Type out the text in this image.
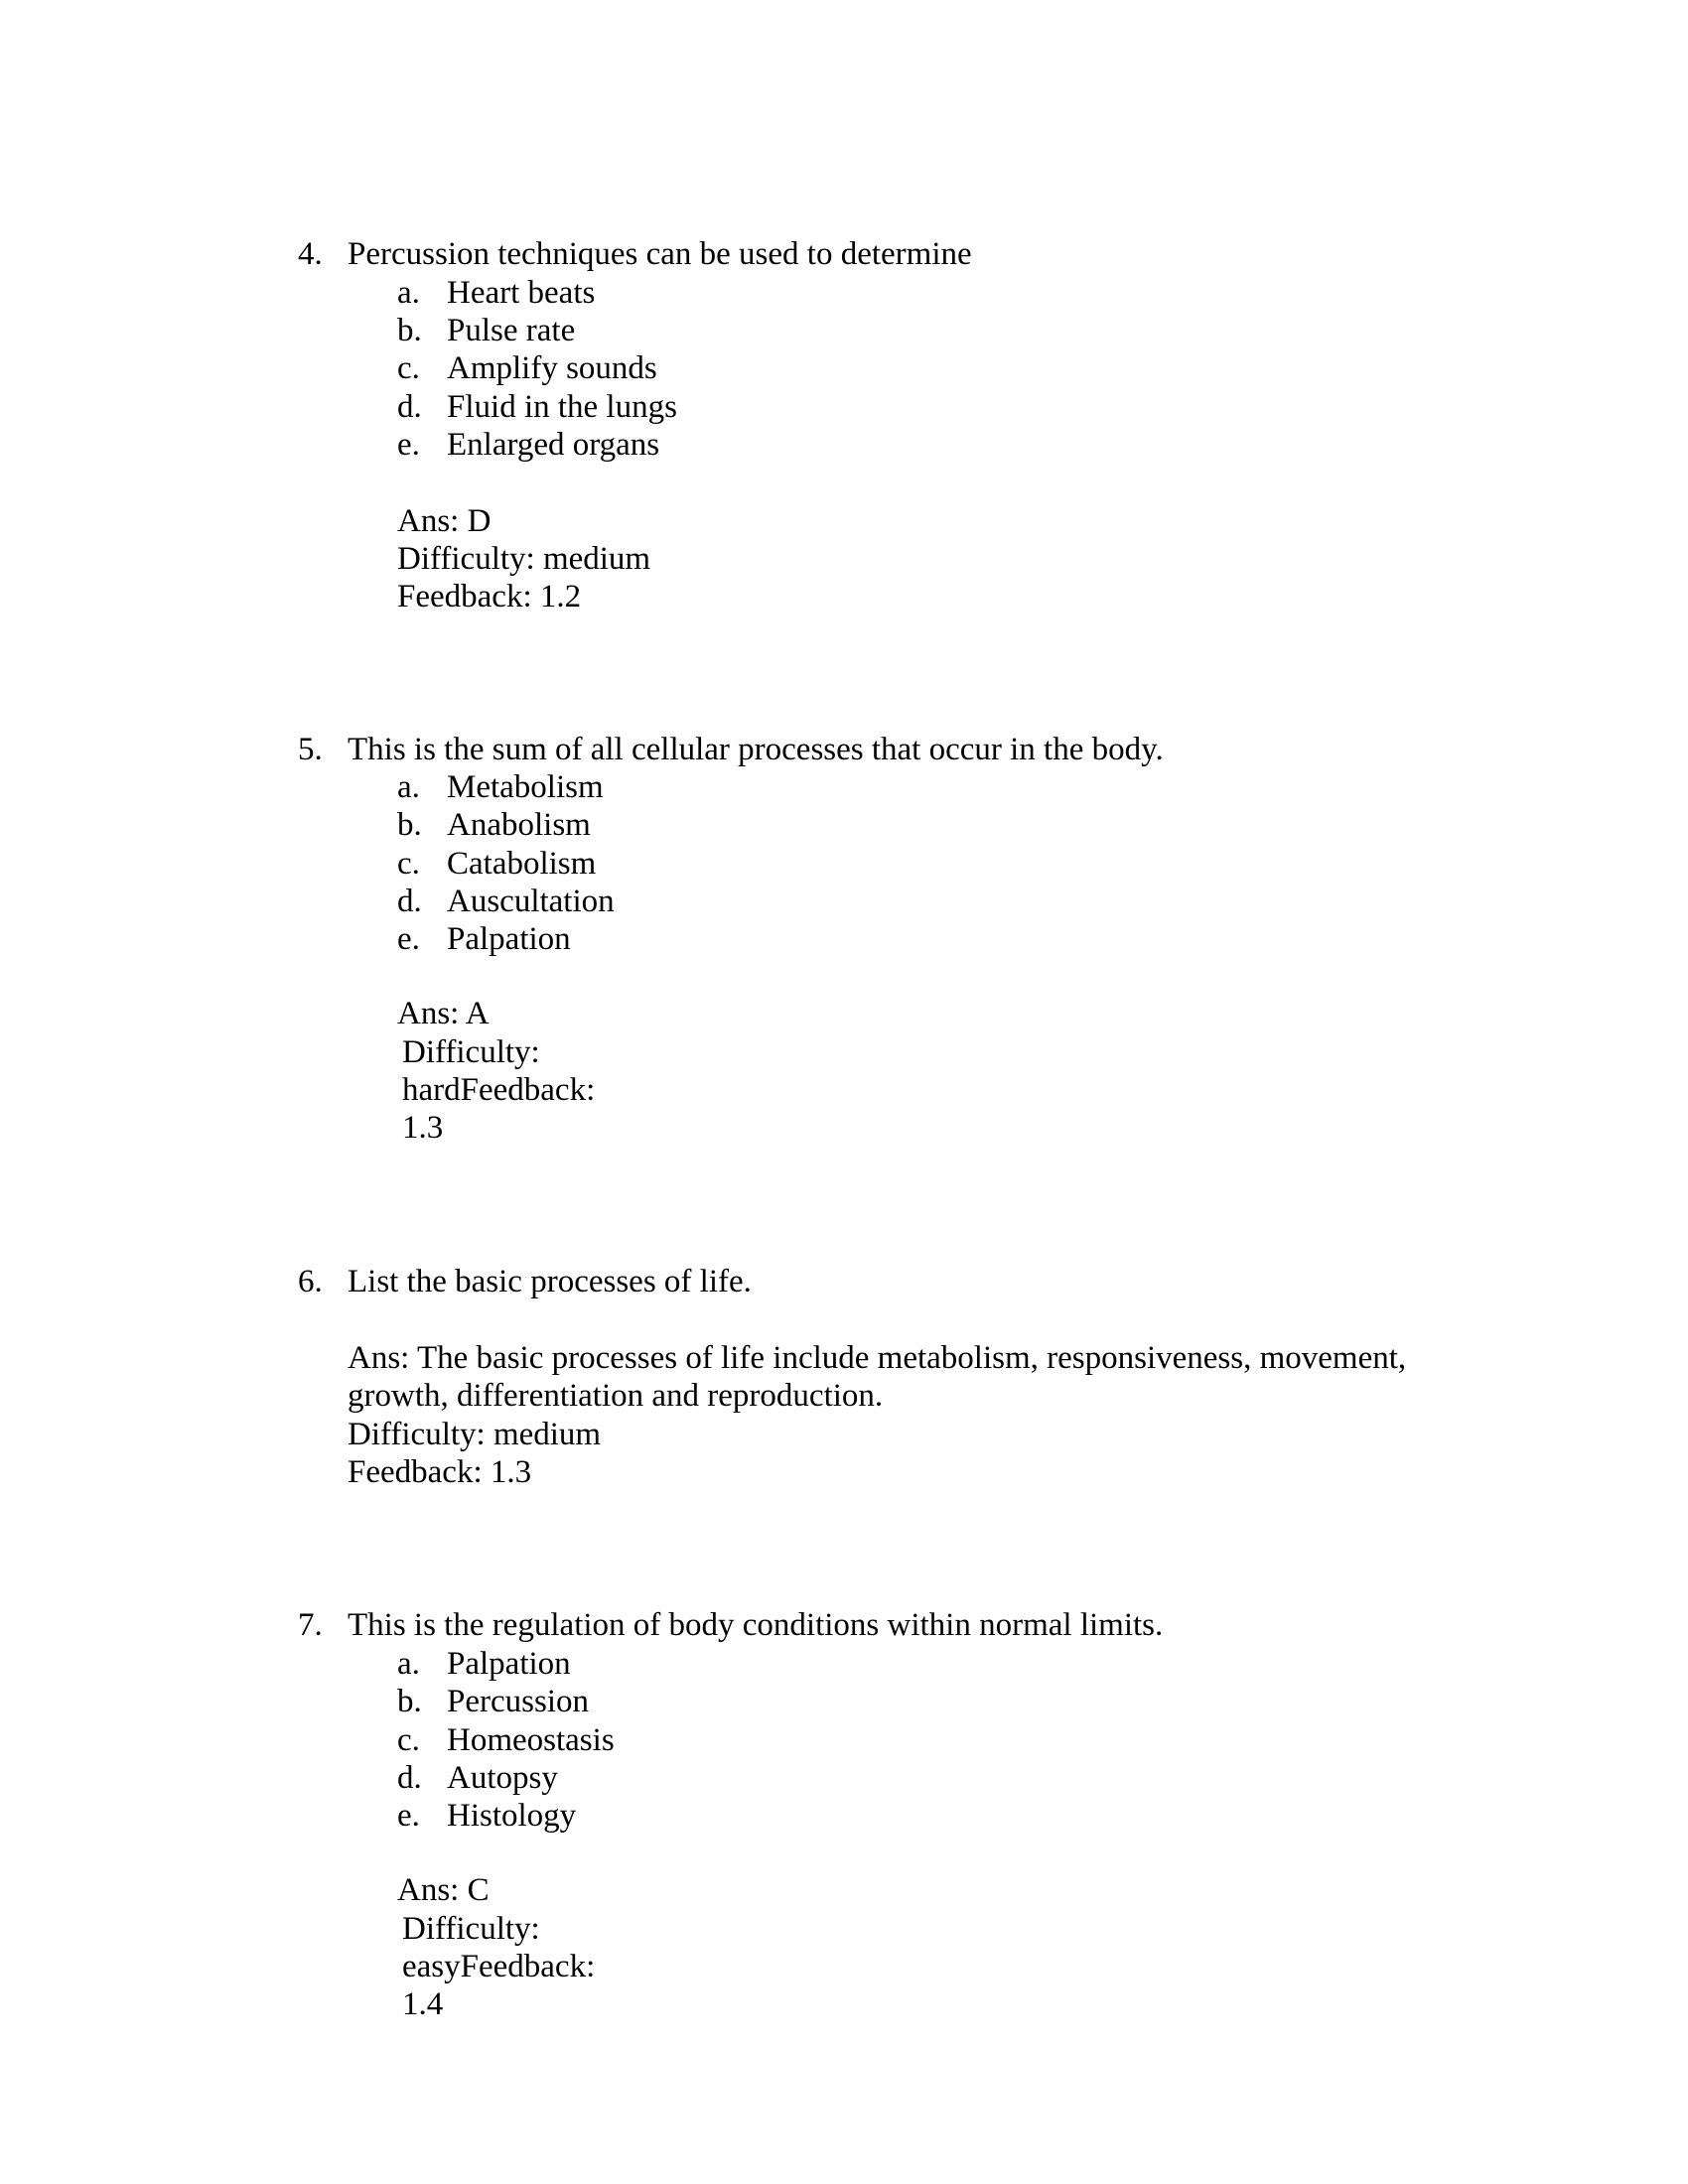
4. Percussion techniques can be used to determine
a. Heart beats
b. Pulse rate
c. Amplify sounds
d. Fluid in the lungs
e. Enlarged organs
Ans: D
Difficulty: medium
Feedback: 1.2
5. This is the sum of all cellular processes that occur in the body.
a. Metabolism
b. Anabolism
c. Catabolism
d. Auscultation
e. Palpation
Ans: A
Difficulty:
hardFeedback:
1.3
6. List the basic processes of life.
Ans: The basic processes of life include metabolism, responsiveness, movement,
growth, differentiation and reproduction.
Difficulty: medium
Feedback: 1.3
7. This is the regulation of body conditions within normal limits.
a. Palpation
b. Percussion
c. Homeostasis
d. Autopsy
e. Histology
Ans: C
Difficulty:
easyFeedback:
1.4
